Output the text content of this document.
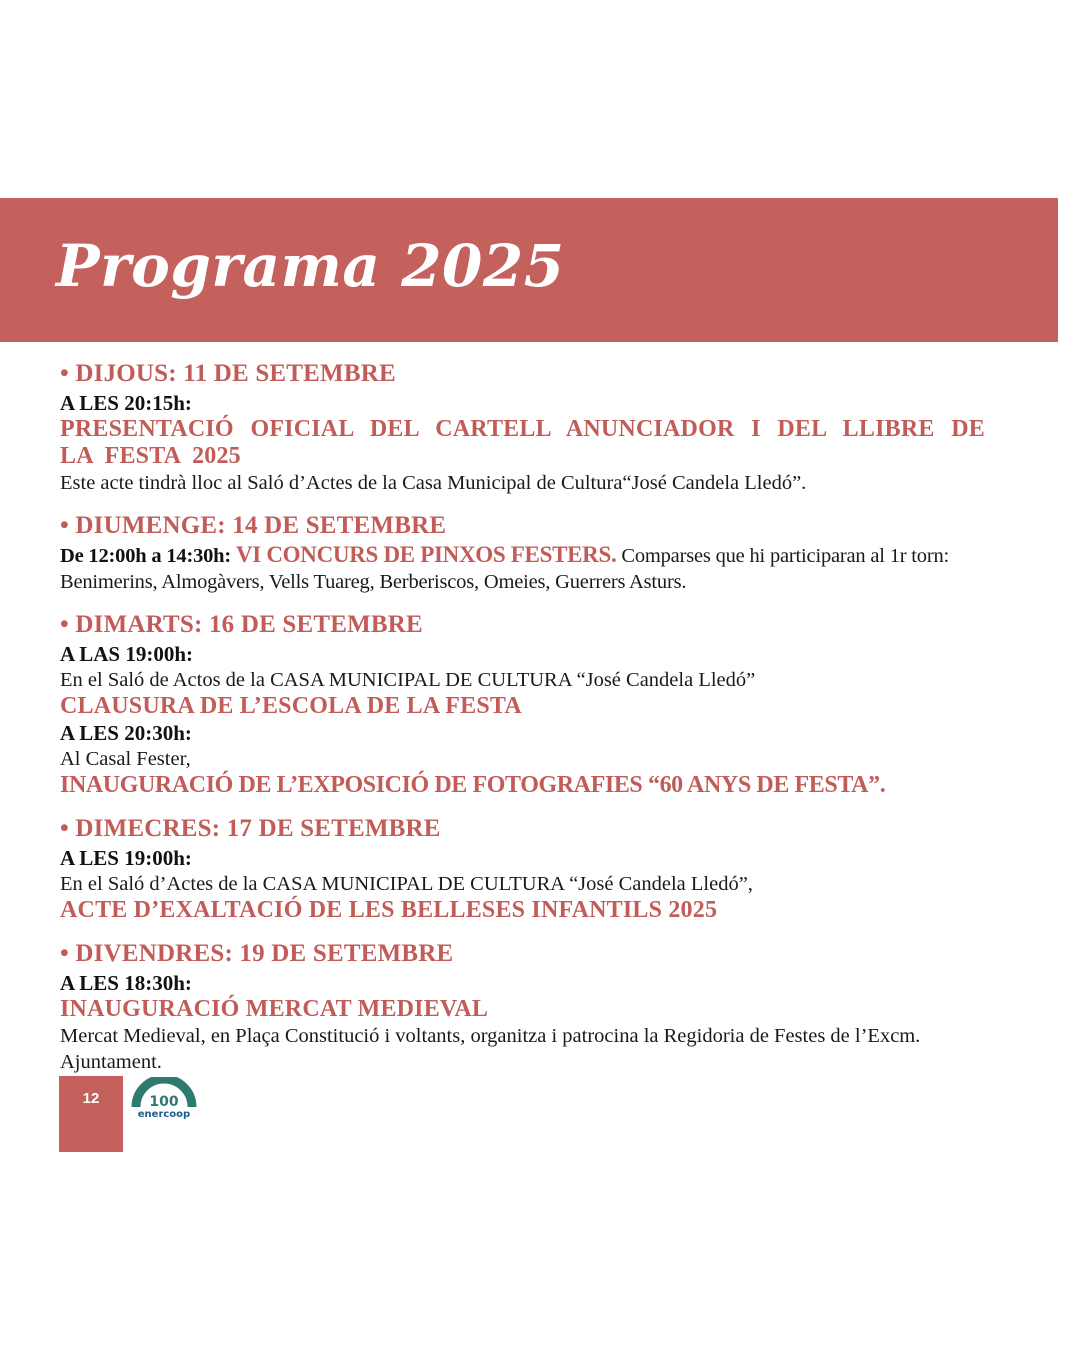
Programa 2025

• DIJOUS: 11 DE SETEMBRE

A LES 20:15h:

PRESENTACIÓ OFICIAL DEL CARTELL ANUNCIADOR I DEL LLIBRE DE LA FESTA 2025

Este acte tindrà lloc al Saló d’Actes de la Casa Municipal de Cultura“José Candela Lledó”.

• DIUMENGE: 14 DE SETEMBRE

De 12:00h a 14:30h: VI CONCURS DE PINXOS FESTERS. Comparses que hi participaran al 1r torn: Benimerins, Almogàvers, Vells Tuareg, Berberiscos, Omeies, Guerrers Asturs.

• DIMARTS: 16 DE SETEMBRE

A LAS 19:00h:

En el Saló de Actos de la CASA MUNICIPAL DE CULTURA “José Candela Lledó”

CLAUSURA DE L’ESCOLA DE LA FESTA

A LES 20:30h:

Al Casal Fester,

INAUGURACIÓ DE L’EXPOSICIÓ DE FOTOGRAFIES “60 ANYS DE FESTA”.

• DIMECRES: 17 DE SETEMBRE

A LES 19:00h:

En el Saló d’Actes de la CASA MUNICIPAL DE CULTURA “José Candela Lledó”,

ACTE D’EXALTACIÓ DE LES BELLESES INFANTILS 2025

• DIVENDRES: 19 DE SETEMBRE

A LES 18:30h:

INAUGURACIÓ MERCAT MEDIEVAL

Mercat Medieval, en Plaça Constitució i voltants, organitza i patrocina la Regidoria de Festes de l’Excm. Ajuntament.

12	100
enercoop
